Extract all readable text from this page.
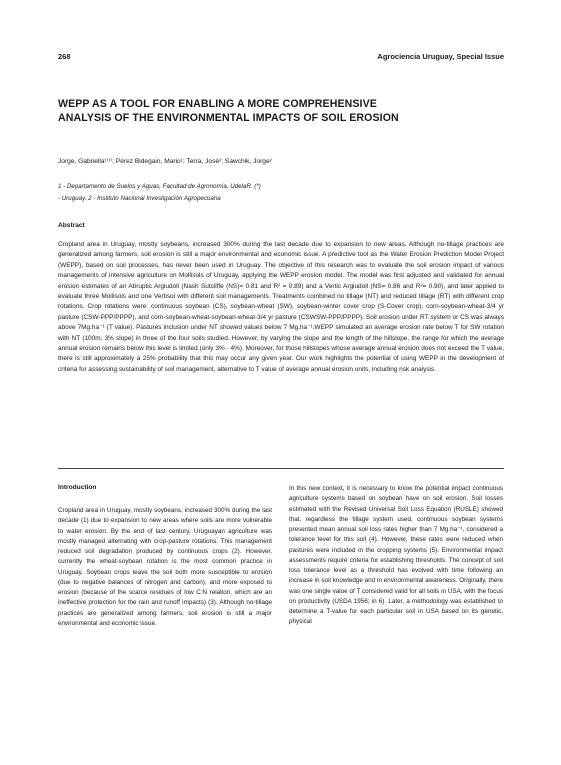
268	Agrociencia Uruguay, Special Issue
WEPP AS A TOOL FOR ENABLING A MORE COMPREHENSIVE
ANALYSIS OF THE ENVIRONMENTAL IMPACTS OF SOIL EROSION
Jorge, Gabriella¹⁽¹⁾; Pérez Bidegain, Mario¹; Terra, José²; Sawchik, Jorge²
1 - Departamento de Suelos y Aguas, Facultad de Agronomía, UdelaR. (*)
- Uruguay. 2 - Instituto Nacional Investigación Agropecuaria
Abstract

Cropland area in Uruguay, mostly soybeans, increased 300% during the last decade due to expansion to new areas. Although no-tillage practices are generalized among farmers, soil erosion is still a major environmental and economic issue. A predictive tool as the Water Erosion Prediction Model Project (WEPP), based on soil processes, has never been used in Uruguay. The objective of this research was to evaluate the soil erosion impact of various managements of intensive agriculture on Mollisols of Uruguay, applying the WEPP erosion model. The model was first adjusted and validated for annual erosion estimates of an Abruptic Argiudoll (Nash Sutcliffe (NS)= 0.81 and R² = 0.89) and a Vertic Argiudoll (NS= 0.86 and R²= 0.90), and later applied to evaluate three Mollisols and one Vertisol with different soil managements. Treatments combined no tillage (NT) and reduced tillage (RT) with different crop rotations. Crop rotations were: continuous soybean (CS), soybean-wheat (SW), soybean-winter cover crop (S-Cover crop), corn-soybean-wheat-3/4 yr pasture (CSW-PPP/PPPP), and corn-soybean-wheat-soybean-wheat-3/4 yr pasture (CSWSW-PPP/PPPP). Soil erosion under RT system or CS was always above 7Mg.ha⁻¹ (T value). Pastures inclusion under NT showed values below 7 Mg.ha⁻¹.WEPP simulated an average erosion rate below T for SW rotation with NT (100m; 3% slope) in three of the four soils studied. However, by varying the slope and the length of the hillslope, the range for which the average annual erosion remains below this level is limited (only 3% - 4%). Moreover, for those hillslopes whose average annual erosion does not exceed the T value, there is still approximately a 25% probability that this may occur any given year. Our work highlights the potential of using WEPP in the development of criteria for assessing sustainability of soil management, alternative to T value of average annual erosion units, including risk analysis.

Introduction

Cropland area in Uruguay, mostly soybeans, increased 300% during the last decade (1) due to expansion to new areas where soils are more vulnerable to water erosion. By the end of last century, Uruguayan agriculture was mostly managed alternating with crop-pasture rotations. This management reduced soil degradation produced by continuous crops (2). However, currently the wheat-soybean rotation is the most common practice in Uruguay. Soybean crops leave the soil both more susceptible to erosion (due to negative balances of nitrogen and carbon), and more exposed to erosion (because of the scarce residues of low C:N relation, which are an ineffective protection for the rain and runoff impacts) (3). Although no-tillage practices are generalized among farmers, soil erosion is still a major environmental and economic issue.

In this new context, it is necessary to know the potential impact continuous agriculture systems based on soybean have on soil erosion. Soil losses estimated with the Revised Universal Soil Loss Equation (RUSLE) showed that, regardless the tillage system used, continuous soybean systems presented mean annual soil loss rates higher than 7 Mg.ha⁻¹, considered a tolerance level for this soil (4). However, these rates were reduced when pastures were included in the cropping systems (5). Environmental impact assessments require criteria for establishing thresholds. The concept of soil loss tolerance level as a threshold has evolved with time following an increase in soil knowledge and in environmental awareness. Originally, there was one single value of T considered valid for all soils in USA, with the focus on productivity (USDA 1956; in 6). Later, a methodology was established to determine a T-value for each particular soil in USA based on its genetic, physical
